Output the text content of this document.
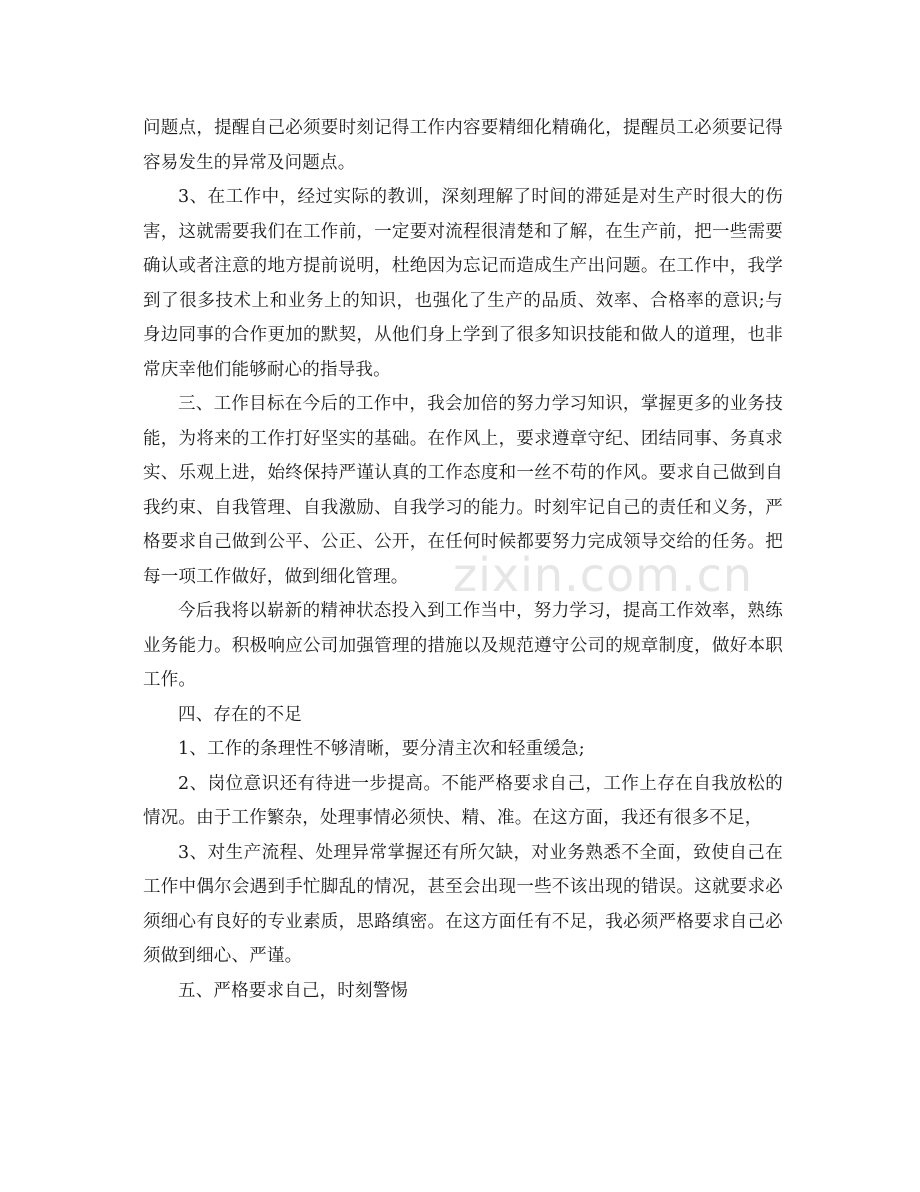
zixin.com.cn

问题点，提醒自己必须要时刻记得工作内容要精细化精确化，提醒员工必须要记得容易发生的异常及问题点。

3、在工作中，经过实际的教训，深刻理解了时间的滞延是对生产时很大的伤害，这就需要我们在工作前，一定要对流程很清楚和了解，在生产前，把一些需要确认或者注意的地方提前说明，杜绝因为忘记而造成生产出问题。在工作中，我学到了很多技术上和业务上的知识，也强化了生产的品质、效率、合格率的意识;与身边同事的合作更加的默契，从他们身上学到了很多知识技能和做人的道理，也非常庆幸他们能够耐心的指导我。

三、工作目标在今后的工作中，我会加倍的努力学习知识，掌握更多的业务技能，为将来的工作打好坚实的基础。在作风上，要求遵章守纪、团结同事、务真求实、乐观上进，始终保持严谨认真的工作态度和一丝不苟的作风。要求自己做到自我约束、自我管理、自我激励、自我学习的能力。时刻牢记自己的责任和义务，严格要求自己做到公平、公正、公开，在任何时候都要努力完成领导交给的任务。把每一项工作做好，做到细化管理。

今后我将以崭新的精神状态投入到工作当中，努力学习，提高工作效率，熟练业务能力。积极响应公司加强管理的措施以及规范遵守公司的规章制度，做好本职工作。

四、存在的不足

1、工作的条理性不够清晰，要分清主次和轻重缓急;

2、岗位意识还有待进一步提高。不能严格要求自己，工作上存在自我放松的情况。由于工作繁杂，处理事情必须快、精、准。在这方面，我还有很多不足，

3、对生产流程、处理异常掌握还有所欠缺，对业务熟悉不全面，致使自己在工作中偶尔会遇到手忙脚乱的情况，甚至会出现一些不该出现的错误。这就要求必须细心有良好的专业素质，思路缜密。在这方面任有不足，我必须严格要求自己必须做到细心、严谨。

五、严格要求自己，时刻警惕
